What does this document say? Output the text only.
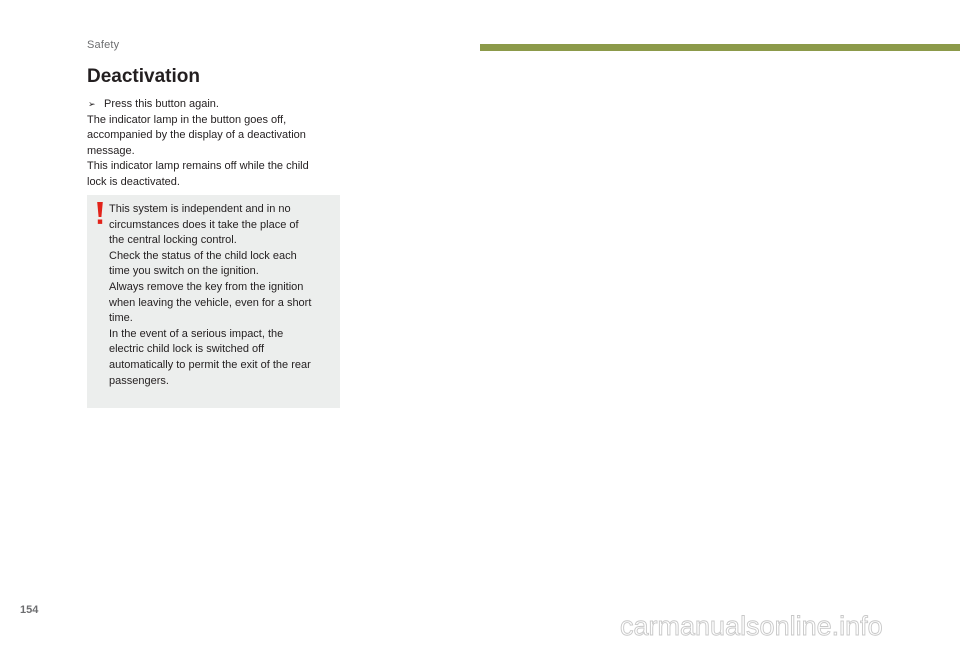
Safety
Deactivation
➢ Press this button again.
The indicator lamp in the button goes off,
accompanied by the display of a deactivation
message.
This indicator lamp remains off while the child
lock is deactivated.
This system is independent and in no
circumstances does it take the place of
the central locking control.
Check the status of the child lock each
time you switch on the ignition.
Always remove the key from the ignition
when leaving the vehicle, even for a short
time.
In the event of a serious impact, the
electric child lock is switched off
automatically to permit the exit of the rear
passengers.
154
carmanualsonline.info
